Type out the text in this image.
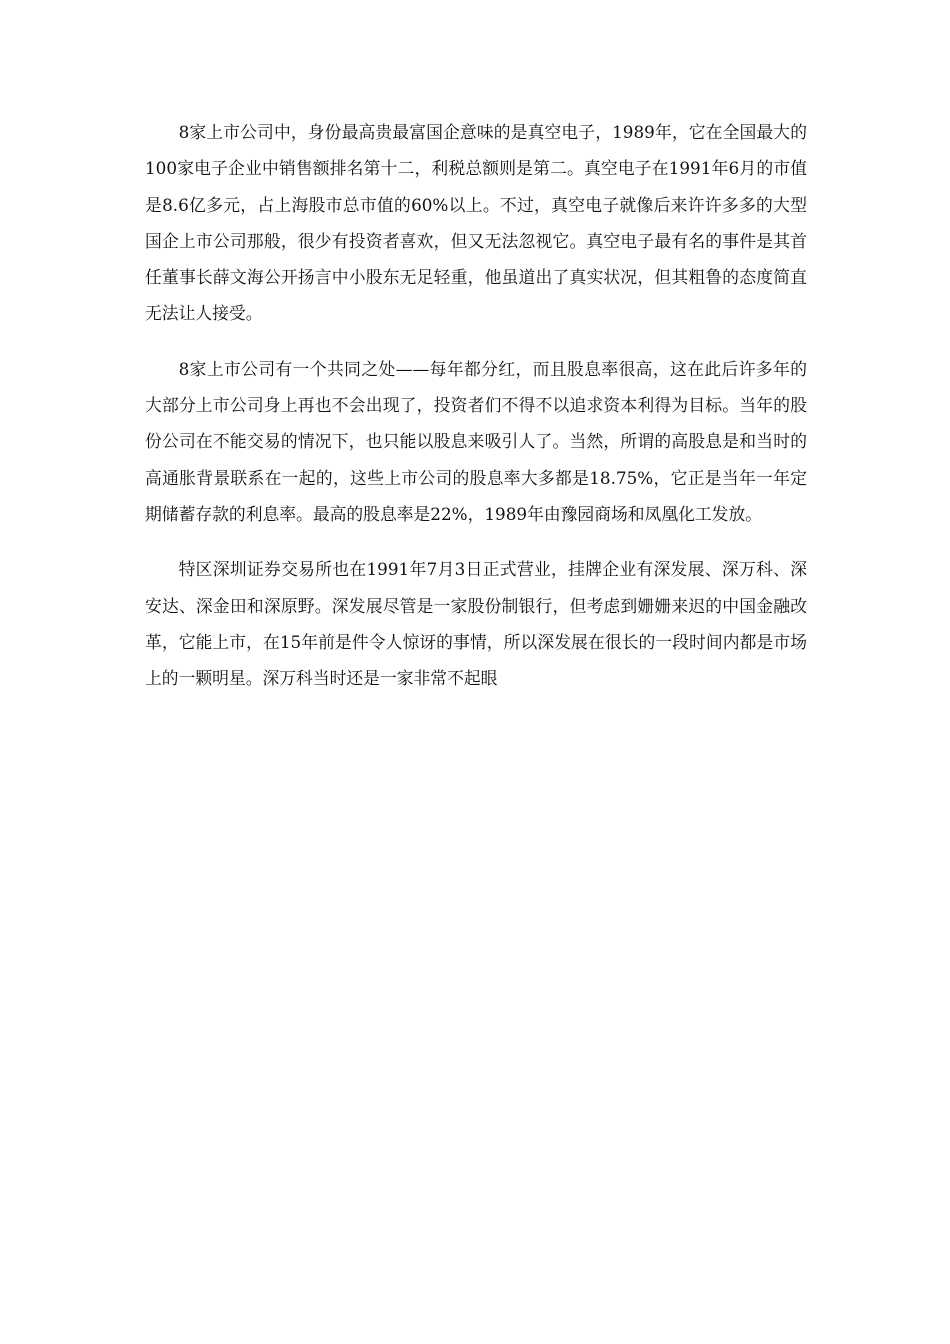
8家上市公司中，身份最高贵最富国企意味的是真空电子，1989年，它在全国最大的100家电子企业中销售额排名第十二，利税总额则是第二。真空电子在1991年6月的市值是8.6亿多元，占上海股市总市值的60%以上。不过，真空电子就像后来许许多多的大型国企上市公司那般，很少有投资者喜欢，但又无法忽视它。真空电子最有名的事件是其首任董事长薛文海公开扬言中小股东无足轻重，他虽道出了真实状况，但其粗鲁的态度简直无法让人接受。

8家上市公司有一个共同之处——每年都分红，而且股息率很高，这在此后许多年的大部分上市公司身上再也不会出现了，投资者们不得不以追求资本利得为目标。当年的股份公司在不能交易的情况下，也只能以股息来吸引人了。当然，所谓的高股息是和当时的高通胀背景联系在一起的，这些上市公司的股息率大多都是18.75%，它正是当年一年定期储蓄存款的利息率。最高的股息率是22%，1989年由豫园商场和凤凰化工发放。

特区深圳证券交易所也在1991年7月3日正式营业，挂牌企业有深发展、深万科、深安达、深金田和深原野。深发展尽管是一家股份制银行，但考虑到姗姗来迟的中国金融改革，它能上市，在15年前是件令人惊讶的事情，所以深发展在很长的一段时间内都是市场上的一颗明星。深万科当时还是一家非常不起眼
